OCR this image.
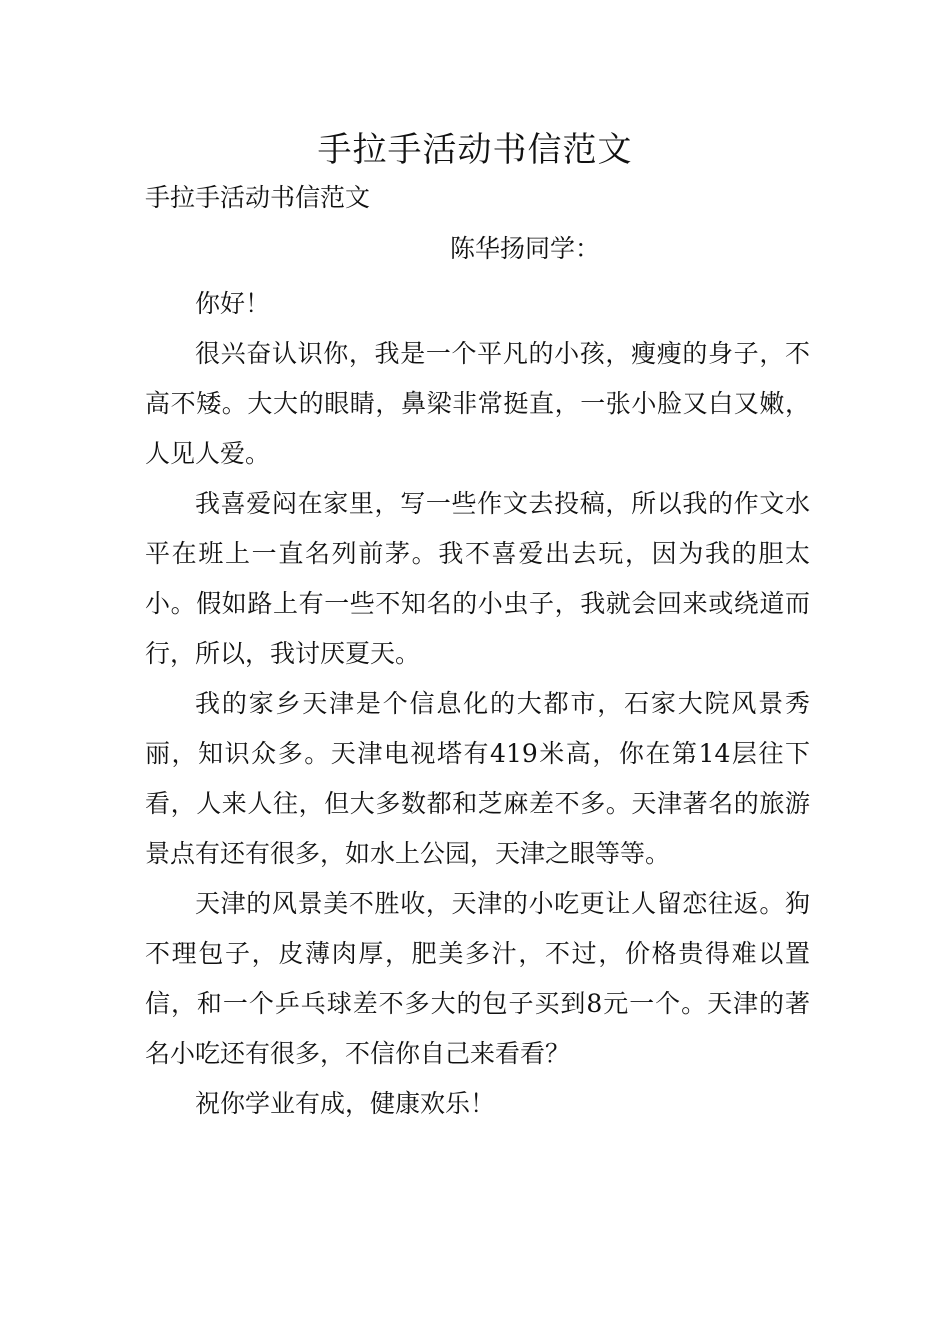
手拉手活动书信范文

手拉手活动书信范文

陈华扬同学：

你好！

很兴奋认识你，我是一个平凡的小孩，瘦瘦的身子，不高不矮。大大的眼睛，鼻梁非常挺直，一张小脸又白又嫩，人见人爱。

我喜爱闷在家里，写一些作文去投稿，所以我的作文水平在班上一直名列前茅。我不喜爱出去玩，因为我的胆太小。假如路上有一些不知名的小虫子，我就会回来或绕道而行，所以，我讨厌夏天。

我的家乡天津是个信息化的大都市，石家大院风景秀丽，知识众多。天津电视塔有419米高，你在第14层往下看，人来人往，但大多数都和芝麻差不多。天津著名的旅游景点有还有很多，如水上公园，天津之眼等等。

天津的风景美不胜收，天津的小吃更让人留恋往返。狗不理包子，皮薄肉厚，肥美多汁，不过，价格贵得难以置信，和一个乒乓球差不多大的包子买到8元一个。天津的著名小吃还有很多，不信你自己来看看？

祝你学业有成，健康欢乐！
